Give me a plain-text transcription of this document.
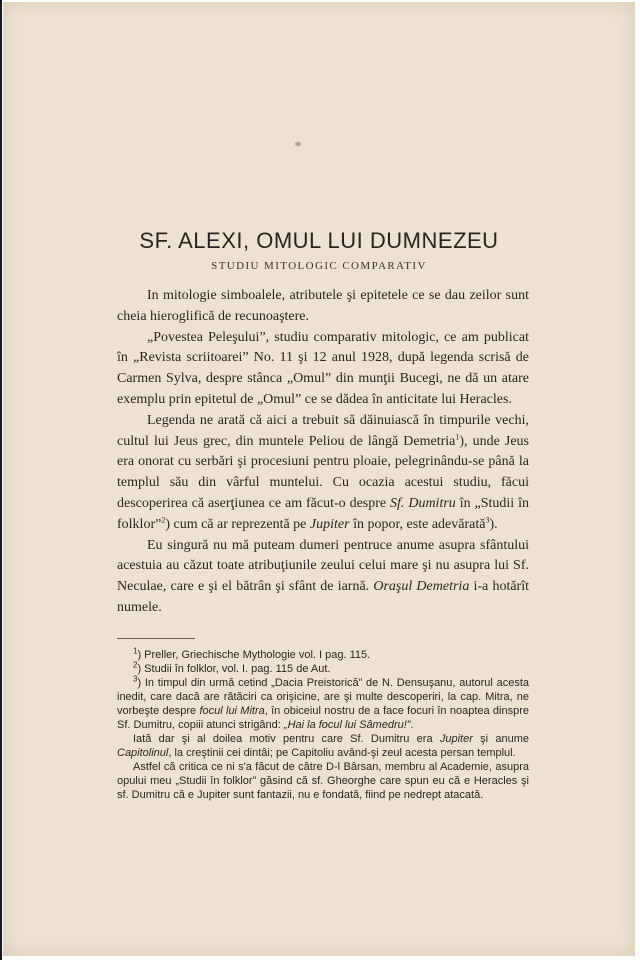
SF. ALEXI, OMUL LUI DUMNEZEU
STUDIU MITOLOGIC COMPARATIV

In mitologie simboalele, atributele şi epitetele ce se dau zeilor sunt cheia hieroglifică de recunoaştere.

„Povestea Peleşului”, studiu comparativ mitologic, ce am publicat în „Revista scriitoarei” No. 11 şi 12 anul 1928, după legenda scrisă de Carmen Sylva, despre stânca „Omul” din munţii Bucegi, ne dă un atare exemplu prin epitetul de „Omul” ce se dădea în anticitate lui Heracles.

Legenda ne arată că aici a trebuit să dăinuiască în timpurile vechi, cultul lui Jeus grec, din muntele Peliou de lângă Demetria$^1$), unde Jeus era onorat cu serbări şi procesiuni pentru ploaie, pelegrinându-se până la templul său din vârful muntelui. Cu ocazia acestui studiu, făcui descoperirea că aserţiunea ce am făcut-o despre Sf. Dumitru în „Studii în folklor”$^2$) cum că ar reprezentă pe Jupiter în popor, este adevărată$^3$).

Eu singură nu mă puteam dumeri pentruce anume asupra sfântului acestuia au căzut toate atribuţiunile zeului celui mare şi nu asupra lui Sf. Neculae, care e şi el bătrân şi sfânt de iarnă. Oraşul Demetria i-a hotărît numele.

$^1$) Preller, Griechische Mythologie vol. I pag. 115.

$^2$) Studii în folklor, vol. I. pag. 115 de Aut.

$^3$) In timpul din urmă cetind „Dacia Preistorică” de N. Densuşanu, autorul acesta inedit, care dacă are rătăciri ca orişicine, are şi multe descoperiri, la cap. Mitra, ne vorbeşte despre focul lui Mitra, în obiceiul nostru de a face focuri în noaptea dinspre Sf. Dumitru, copiii atunci strigând: „Hai la focul lui Sâmedru!”.

Iată dar şi al doilea motiv pentru care Sf. Dumitru era Jupiter şi anume Capitolinul, la creştinii cei dintâi; pe Capitoliu având-şi zeul acesta persan templul.

Astfel că critica ce ni s'a făcut de către D-l Bârsan, membru al Academie, asupra opului meu „Studii în folklor” găsind că sf. Gheorghe care spun eu că e Heracles şi sf. Dumitru că e Jupiter sunt fantazii, nu e fondată, fiind pe nedrept atacată.
